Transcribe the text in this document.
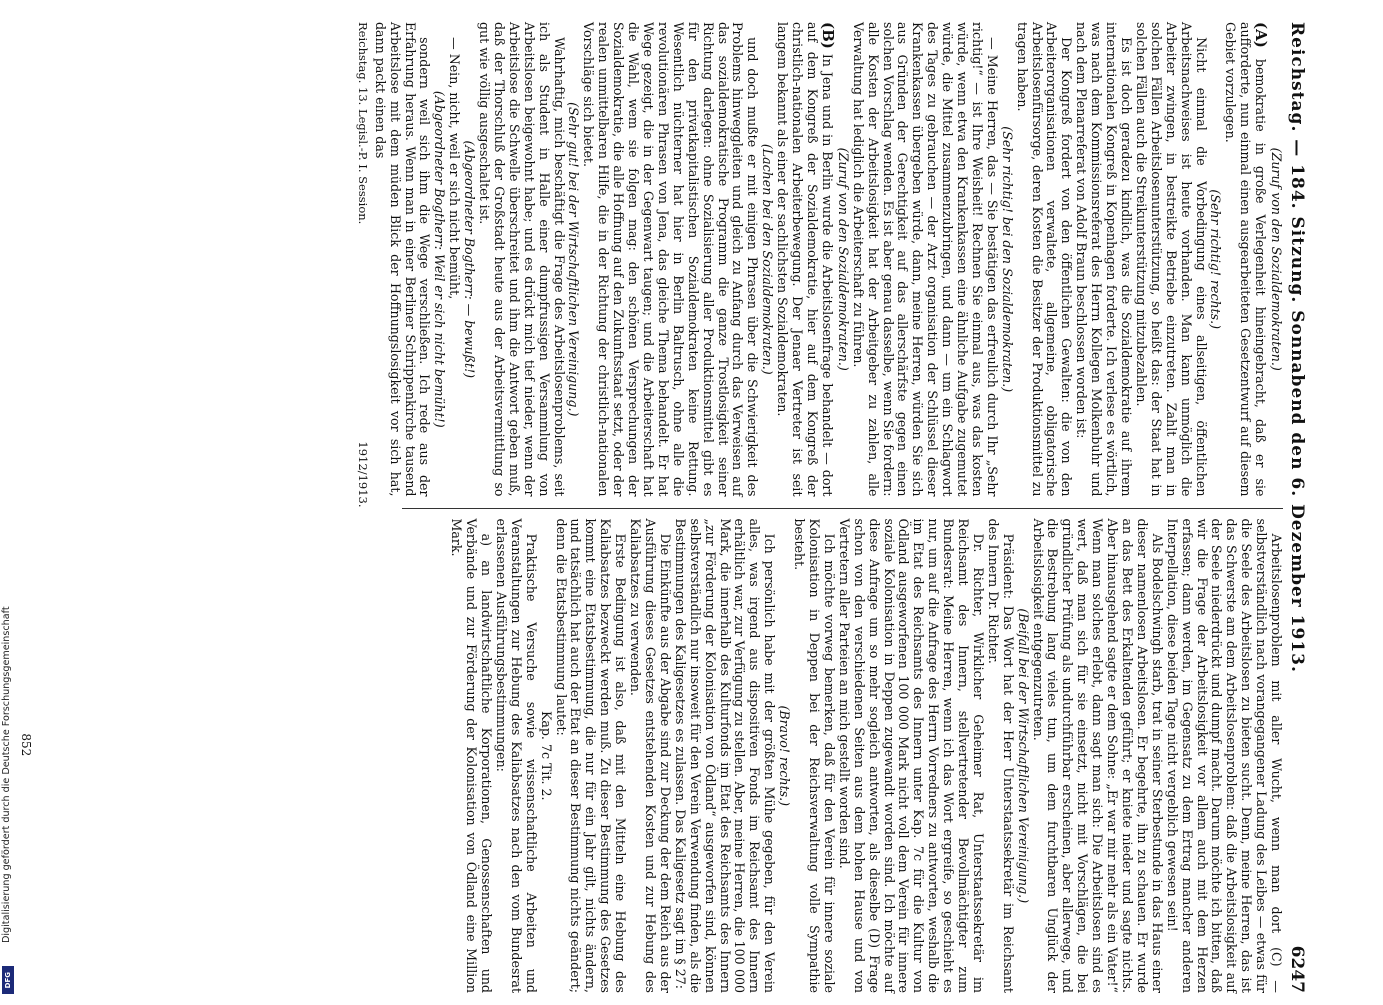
Reichstag. — 184. Sitzung. Sonnabend den 6. Dezember 1913.
6247

(Zuruf von den Sozialdemokraten.)

(A) bemokratie in große Verlegenheit hineingebracht, daß er sie aufforderte, nun einmal einen ausgearbeiteten Gesetzentwurf auf diesem Gebiet vorzulegen.

(Sehr richtig! rechts.)

Nicht einmal die Vorbedingung eines allseitigen, öffentlichen Arbeitsnachweises ist heute vorhanden. Man kann unmöglich die Arbeiter zwingen, in bestreikte Betriebe einzutreten. Zahlt man in solchen Fällen Arbeitslosenunterstützung, so heißt das: der Staat hat in solchen Fällen auch die Streikunterstützung mitzubezahlen.

Es ist doch geradezu kindlich, was die Sozialdemokratie auf ihrem internationalen Kongreß in Kopenhagen forderte. Ich verlese es wörtlich, was nach dem Kommissionsreferat des Herrn Kollegen Molkenbuhr und nach dem Plenarreferat von Adolf Braun beschlossen worden ist:

Der Kongreß fordert von den öffentlichen Gewalten: die von den Arbeiterorganisationen verwaltete, allgemeine, obligatorische Arbeitslosenfürsorge, deren Kosten die Besitzer der Produktionsmittel zu tragen haben.

(Sehr richtig! bei den Sozialdemokraten.)

— Meine Herren, das — Sie bestätigen das erfreulich durch Ihr „Sehr richtig!“ — ist Ihre Weisheit! Rechnen Sie einmal aus, was das kosten würde, wenn etwa den Krankenkassen eine ähnliche Aufgabe zugemutet würde, die Mittel zusammenzubringen, und dann — um ein Schlagwort des Tages zu gebrauchen — der Arzt organisation der Schlüssel dieser Krankenkassen übergeben würde, dann, meine Herren, würden Sie sich aus Gründen der Gerechtigkeit auf das allerschärfste gegen einen solchen Vorschlag wenden. Es ist aber genau dasselbe, wenn Sie fordern: alle Kosten der Arbeitslosigkeit hat der Arbeitgeber zu zahlen, alle Verwaltung hat lediglich die Arbeiterschaft zu führen.

(Zuruf von den Sozialdemokraten.)

(B) In Jena und in Berlin wurde die Arbeitslosenfrage behandelt — dort auf dem Kongreß der Sozialdemokratie, hier auf dem Kongreß der christlich-nationalen Arbeiterbewegung. Der Jenaer Vertreter ist seit langem bekannt als einer der sachlichsten Sozialdemokraten.

(Lachen bei den Sozialdemokraten.)

und doch mußte er mit einigen Phrasen über die Schwierigkeit des Problems hinweggleiten und gleich zu Anfang durch das Verweisen auf das sozialdemokratische Programm die ganze Trostlosigkeit seiner Richtung darlegen: ohne Sozialisierung aller Produktionsmittel gibt es für den privatkapitalistischen Sozialdemokraten keine Rettung. Wesentlich nüchterner hat hier in Berlin Baltrusch, ohne alle die revolutionären Phrasen von Jena, das gleiche Thema behandelt. Er hat Wege gezeigt, die in der Gegenwart taugen; und die Arbeiterschaft hat die Wahl, wem sie folgen mag: den schönen Versprechungen der Sozialdemokratie, die alle Hoffnung auf den Zukunftsstaat setzt, oder der realen unmittelbaren Hilfe, die in der Richtung der christlich-nationalen Vorschläge sich bietet.

(Sehr gut! bei der Wirtschaftlichen Vereinigung.)

Wahrhaftig, mich beschäftigt die Frage des Arbeitslosenproblems, seit ich als Student in Halle einer dumpfrussigen Versammlung von Arbeitslosen beigewohnt habe; und es drückt mich tief nieder, wenn der Arbeitslose die Schwelle überschreitet und ihm die Antwort geben muß, daß der Thorschluß der Großstadt heute aus der Arbeitsvermittlung so gut wie völlig ausgeschaltet ist.

(Abgeordneter Bogtherr: — bewußt!)

— Nein, nicht, weil er sich nicht bemüht,

(Abgeordneter Bogtherr: Weil er sich nicht bemüht!)

sondern weil sich ihm die Wege verschließen. Ich rede aus der Erfahrung heraus. Wenn man in einer Berliner Schrippenkirche tausend Arbeitslose mit dem müden Blick der Hoffnungslosigkeit vor sich hat, dann packt einen das

Arbeitslosenproblem mit aller Wucht, wenn man dort (C) — selbstverständlich nach vorangegangener Ladung des Leibes — etwas für die Seele des Arbeitslosen zu bieten sucht. Denn, meine Herren, das ist das Schwerste am dem Arbeitslosenproblem: daß die Arbeitslosigkeit auf der Seele niederdrückt und dumpf macht. Darum möchte ich bitten, daß wir die Frage der Arbeitslosigkeit vor allem auch mit dem Herzen erfassen; dann werden, im Gegensatz zu dem Ertrag mancher anderen Interpellation, diese beiden Tage nicht vergeblich gewesen sein!

Als Bodelschwingh starb, trat in seiner Sterbestunde in das Haus einer dieser namenlosen Arbeitslosen. Er begehrte, ihn zu schauen. Er wurde an das Bett des Erkaltenden geführt; er kniete nieder und sagte nichts. Aber hinausgehend sagte er dem Sohne: „Er war mir mehr als ein Vater!“ Wenn man solches erlebt, dann sagt man sich: Die Arbeitslosen sind es wert, daß man sich für sie einsetzt, nicht mit Vorschlägen, die bei gründlicher Prüfung als undurchführbar erscheinen, aber allerwege, und die Bestrebung lang vieles tun, um dem furchtbaren Unglück der Arbeitslosigkeit entgegenzutreten.

(Beifall bei der Wirtschaftlichen Vereinigung.)

Präsident: Das Wort hat der Herr Unterstaatssekretär im Reichsamt des Innern Dr. Richter.

Dr. Richter, Wirklicher Geheimer Rat, Unterstaatssekretär im Reichsamt des Innern, stellvertretender Bevollmächtigter zum Bundesrat: Meine Herren, wenn ich das Wort ergreife, so geschieht es nur, um auf die Anfrage des Herrn Vorredners zu antworten, weshalb die im Etat des Reichsamts des Innern unter Kap. 7c für die Kultur von Ödland ausgeworfenen 100 000 Mark nicht voll dem Verein für innere soziale Kolonisation in Deppen zugewandt worden sind. Ich möchte auf diese Anfrage um so mehr sogleich antworten, als dieselbe (D) Frage schon von den verschiedenen Seiten aus dem hohen Hause und von Vertretern aller Parteien an mich gestellt worden sind.

Ich möchte vorweg bemerken, daß für den Verein für innere soziale Kolonisation in Deppen bei der Reichsverwaltung volle Sympathie besteht.

(Bravo! rechts.)

Ich persönlich habe mit der größten Mühe gegeben, für den Verein alles, was irgend aus dispositiven Fonds im Reichsamt des Innern erhältlich war, zur Verfügung zu stellen. Aber, meine Herren, die 100 000 Mark, die innerhalb des Kulturfonds im Etat des Reichsamts des Innern „zur Förderung der Kolonisation von Ödland“ ausgeworfen sind, können selbstverständlich nur insoweit für den Verein Verwendung finden, als die Bestimmungen des Kaligesetzes es zulassen. Das Kaligesetz sagt im § 27:

Die Einkünfte aus der Abgabe sind zur Deckung der dem Reich aus der Ausführung dieses Gesetzes entstehenden Kosten und zur Hebung des Kaliabsatzes zu verwenden.

Erste Bedingung ist also, daß mit den Mitteln eine Hebung des Kaliabsatzes bezweckt werden muß. Zu dieser Bestimmung des Gesetzes kommt eine Etatsbestimmung, die nur für ein Jahr gilt, nichts ändern, und tatsächlich hat auch der Etat an dieser Bestimmung nichts geändert; denn die Etatsbestimmung lautet:

Kap. 7c Tit. 2.

Praktische Versuche sowie wissenschaftliche Arbeiten und Veranstaltungen zur Hebung des Kaliabsatzes nach den vom Bundesrat erlassenen Ausführungsbestimmungen:

a) an landwirtschaftliche Korporationen, Genossenschaften und Verbände und zur Förderung der Kolonisation von Ödland eine Million Mark.

Reichstag. 13. Legisl.-P. I. Session.
1912/1913.
852
Digitalisierung gefördert durch die Deutsche Forschungsgemeinschaft
DFG
